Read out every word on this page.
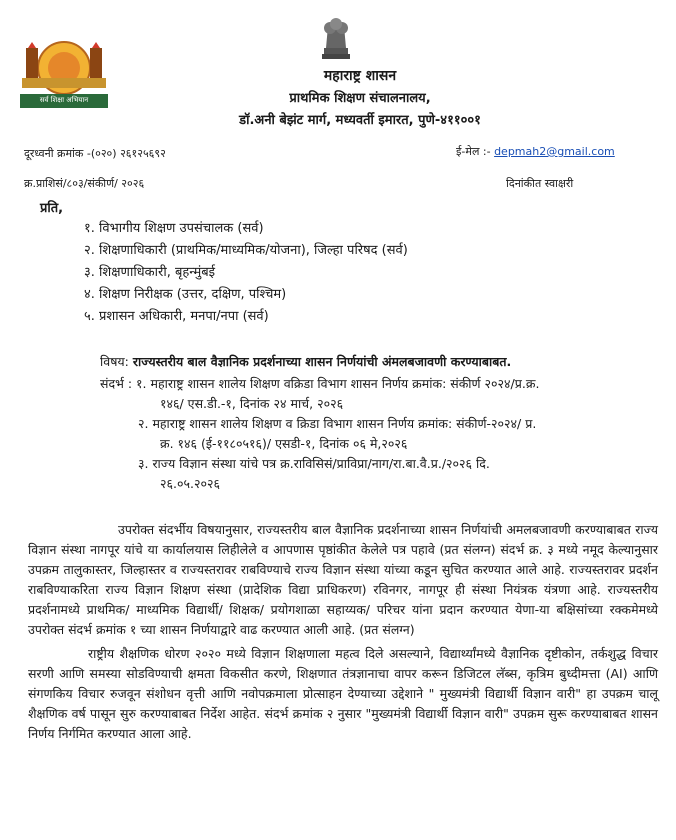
सर्व शिक्षा अभियान
महाराष्ट्र शासन
प्राथमिक शिक्षण संचालनालय,
डॉ.अनी बेझंट मार्ग, मध्यवर्ती इमारत, पुणे-४११००१
दूरध्वनी क्रमांक -(०२०) २६१२५६९२	ई-मेल :- depmah2@gmail.com
क्र.प्राशिसं/८०३/संकीर्ण/ २०२६	दिनांकीत स्वाक्षरी
प्रति,
१. विभागीय शिक्षण उपसंचालक (सर्व)
२. शिक्षणाधिकारी (प्राथमिक/माध्यमिक/योजना), जिल्हा परिषद (सर्व)
३. शिक्षणाधिकारी, बृहन्मुंबई
४. शिक्षण निरीक्षक (उत्तर, दक्षिण, पश्चिम)
५. प्रशासन अधिकारी, मनपा/नपा (सर्व)
विषय: राज्यस्तरीय बाल वैज्ञानिक प्रदर्शनाच्या शासन निर्णयांची अंमलबजावणी करण्याबाबत.
संदर्भ : १. महाराष्ट्र शासन शालेय शिक्षण वक्रिडा विभाग शासन निर्णय क्रमांक: संकीर्ण २०२४/प्र.क्र.
१४६/ एस.डी.-१, दिनांक २४ मार्च, २०२६
२. महाराष्ट्र शासन शालेय शिक्षण व क्रिडा विभाग शासन निर्णय क्रमांक: संकीर्ण-२०२४/ प्र.
क्र. १४६ (ई-११८०५१६)/ एसडी-१, दिनांक ०६ मे,२०२६
३. राज्य विज्ञान संस्था यांचे पत्र क्र.राविसिसं/प्राविप्रा/नाग/रा.बा.वै.प्र./२०२६ दि.
२६.०५.२०२६

उपरोक्त संदर्भीय विषयानुसार, राज्यस्तरीय बाल वैज्ञानिक प्रदर्शनाच्या शासन निर्णयांची अमलबजावणी करण्याबाबत राज्य विज्ञान संस्था नागपूर यांचे या कार्यालयास लिहीलेले व आपणास पृष्ठांकीत केलेले पत्र पहावे (प्रत संलग्न) संदर्भ क्र. ३ मध्ये नमूद केल्यानुसार उपक्रम तालुकास्तर, जिल्हास्तर व राज्यस्तरावर राबविण्याचे राज्य विज्ञान संस्था यांच्या कडून सुचित करण्यात आले आहे. राज्यस्तरावर प्रदर्शन राबविण्याकरिता राज्य विज्ञान शिक्षण संस्था (प्रादेशिक विद्या प्राधिकरण) रविनगर, नागपूर ही संस्था नियंत्रक यंत्रणा आहे. राज्यस्तरीय प्रदर्शनामध्ये प्राथमिक/ माध्यमिक विद्यार्थी/ शिक्षक/ प्रयोगशाळा सहाय्यक/ परिचर यांना प्रदान करण्यात येणा-या बक्षिसांच्या रक्कमेमध्ये उपरोक्त संदर्भ क्रमांक १ च्या शासन निर्णयाद्वारे वाढ करण्यात आली आहे. (प्रत संलग्न)

राष्ट्रीय शैक्षणिक धोरण २०२० मध्ये विज्ञान शिक्षणाला महत्व दिले असल्याने, विद्यार्थ्यांमध्ये वैज्ञानिक दृष्टीकोन, तर्कशुद्ध विचार सरणी आणि समस्या सोडविण्याची क्षमता विकसीत करणे, शिक्षणात तंत्रज्ञानाचा वापर करून डिजिटल लॅब्स, कृत्रिम बुध्दीमत्ता (AI) आणि संगणकिय विचार रुजवून संशोधन वृत्ती आणि नवोपक्रमाला प्रोत्साहन देण्याच्या उद्देशाने " मुख्यमंत्री विद्यार्थी विज्ञान वारी" हा उपक्रम चालू शैक्षणिक वर्ष पासून सुरु करण्याबाबत निर्देश आहेत. संदर्भ क्रमांक २ नुसार "मुख्यमंत्री विद्यार्थी विज्ञान वारी" उपक्रम सुरू करण्याबाबत शासन निर्णय निर्गमित करण्यात आला आहे.
